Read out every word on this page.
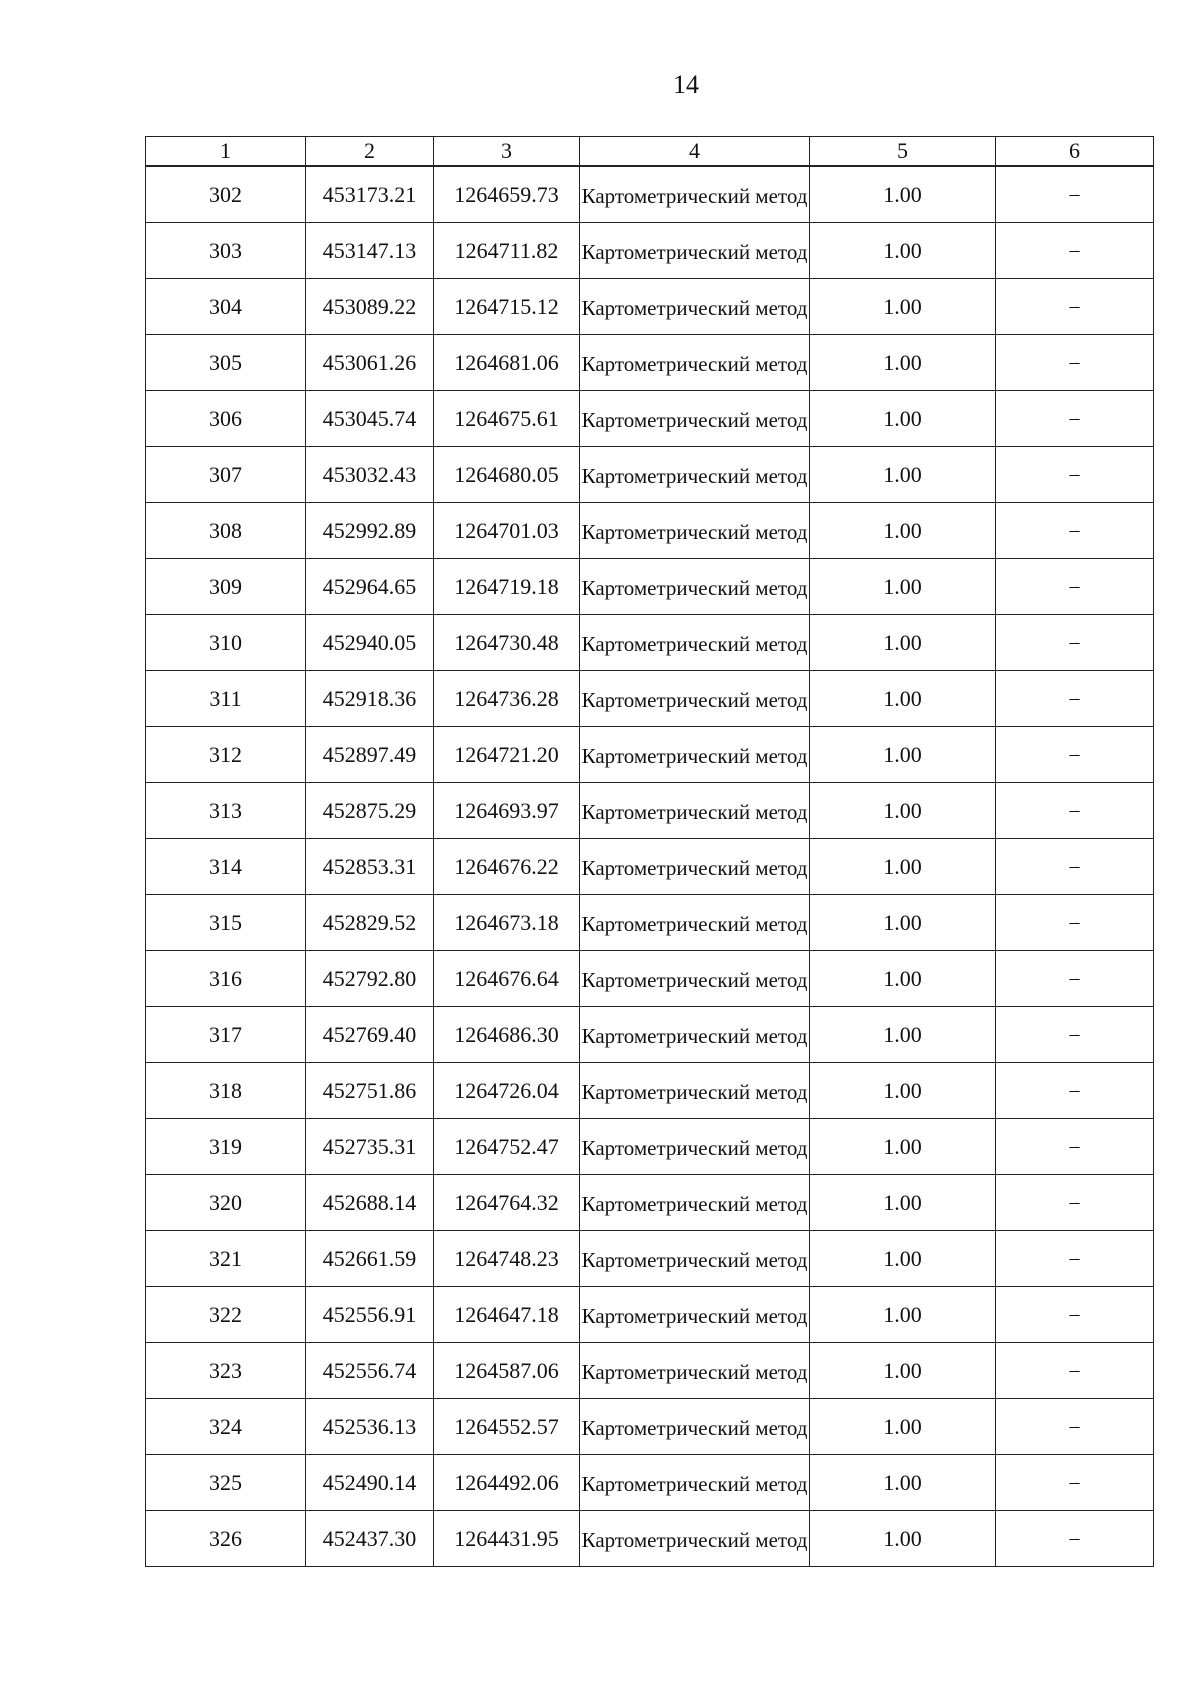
14
1	2	3	4	5	6
302	453173.21	1264659.73	Картометрический метод	1.00	–
303	453147.13	1264711.82	Картометрический метод	1.00	–
304	453089.22	1264715.12	Картометрический метод	1.00	–
305	453061.26	1264681.06	Картометрический метод	1.00	–
306	453045.74	1264675.61	Картометрический метод	1.00	–
307	453032.43	1264680.05	Картометрический метод	1.00	–
308	452992.89	1264701.03	Картометрический метод	1.00	–
309	452964.65	1264719.18	Картометрический метод	1.00	–
310	452940.05	1264730.48	Картометрический метод	1.00	–
311	452918.36	1264736.28	Картометрический метод	1.00	–
312	452897.49	1264721.20	Картометрический метод	1.00	–
313	452875.29	1264693.97	Картометрический метод	1.00	–
314	452853.31	1264676.22	Картометрический метод	1.00	–
315	452829.52	1264673.18	Картометрический метод	1.00	–
316	452792.80	1264676.64	Картометрический метод	1.00	–
317	452769.40	1264686.30	Картометрический метод	1.00	–
318	452751.86	1264726.04	Картометрический метод	1.00	–
319	452735.31	1264752.47	Картометрический метод	1.00	–
320	452688.14	1264764.32	Картометрический метод	1.00	–
321	452661.59	1264748.23	Картометрический метод	1.00	–
322	452556.91	1264647.18	Картометрический метод	1.00	–
323	452556.74	1264587.06	Картометрический метод	1.00	–
324	452536.13	1264552.57	Картометрический метод	1.00	–
325	452490.14	1264492.06	Картометрический метод	1.00	–
326	452437.30	1264431.95	Картометрический метод	1.00	–
